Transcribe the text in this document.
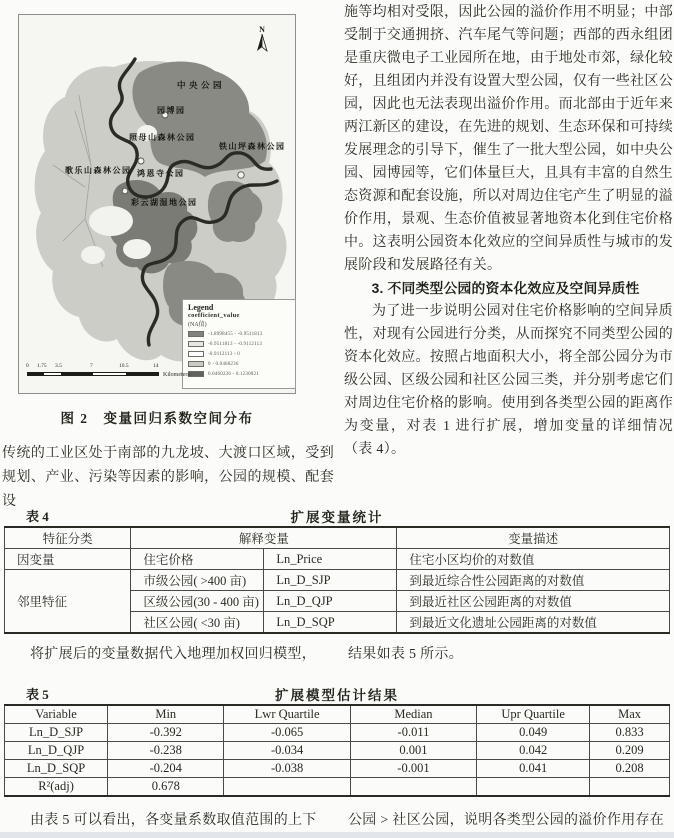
N
中央公园
园博园
照母山森林公园
铁山坪森林公园
歌乐山森林公园 鸿恩寺公园
彩云湖湿地公园
Legend
coefficient_value
(NA值)
-1.8998455 - -0.9511813
-0.9511813 - -0.9112113
-0.9112113 - 0
0 - 0.0460236
0.0460236 - 0.1230021
0 1.75 3.5	7	10.5	14
Kilometers
图 2　变量回归系数空间分布
传统的工业区处于南部的九龙坡、大渡口区域，受到规划、产业、污染等因素的影响，公园的规模、配套设
施等均相对受限，因此公园的溢价作用不明显；中部受制于交通拥挤、汽车尾气等问题；西部的西永组团是重庆微电子工业园所在地，由于地处市郊，绿化较好，且组团内并没有设置大型公园，仅有一些社区公园，因此也无法表现出溢价作用。而北部由于近年来两江新区的建设，在先进的规划、生态环保和可持续发展理念的引导下，催生了一批大型公园，如中央公园、园博园等，它们体量巨大，且具有丰富的自然生态资源和配套设施，所以对周边住宅产生了明显的溢价作用，景观、生态价值被显著地资本化到住宅价格中。这表明公园资本化效应的空间异质性与城市的发展阶段和发展路径有关。
3. 不同类型公园的资本化效应及空间异质性
为了进一步说明公园对住宅价格影响的空间异质性，对现有公园进行分类，从而探究不同类型公园的资本化效应。按照占地面积大小，将全部公园分为市级公园、区级公园和社区公园三类，并分别考虑它们对周边住宅价格的影响。使用到各类型公园的距离作为变量，对表 1 进行扩展，增加变量的详细情况（表 4）。
表 4	扩展变量统计
特征分类	解释变量		变量描述
因变量	住宅价格	Ln_Price	住宅小区均价的对数值
邻里特征	市级公园( >400 亩)	Ln_D_SJP	到最近综合性公园距离的对数值
	区级公园(30 - 400 亩)	Ln_D_QJP	到最近社区公园距离的对数值
	社区公园( <30 亩)	Ln_D_SQP	到最近文化遗址公园距离的对数值
将扩展后的变量数据代入地理加权回归模型， 结果如表 5 所示。
表 5	扩展模型估计结果
Variable	Min	Lwr Quartile	Median	Upr Quartile	Max
Ln_D_SJP	-0.392	-0.065	-0.011	0.049	0.833
Ln_D_QJP	-0.238	-0.034	0.001	0.042	0.209
Ln_D_SQP	-0.204	-0.038	-0.001	0.041	0.208
R²(adj)	0.678				
由表 5 可以看出，各变量系数取值范围的上下 公园 > 社区公园，说明各类型公园的溢价作用存在
